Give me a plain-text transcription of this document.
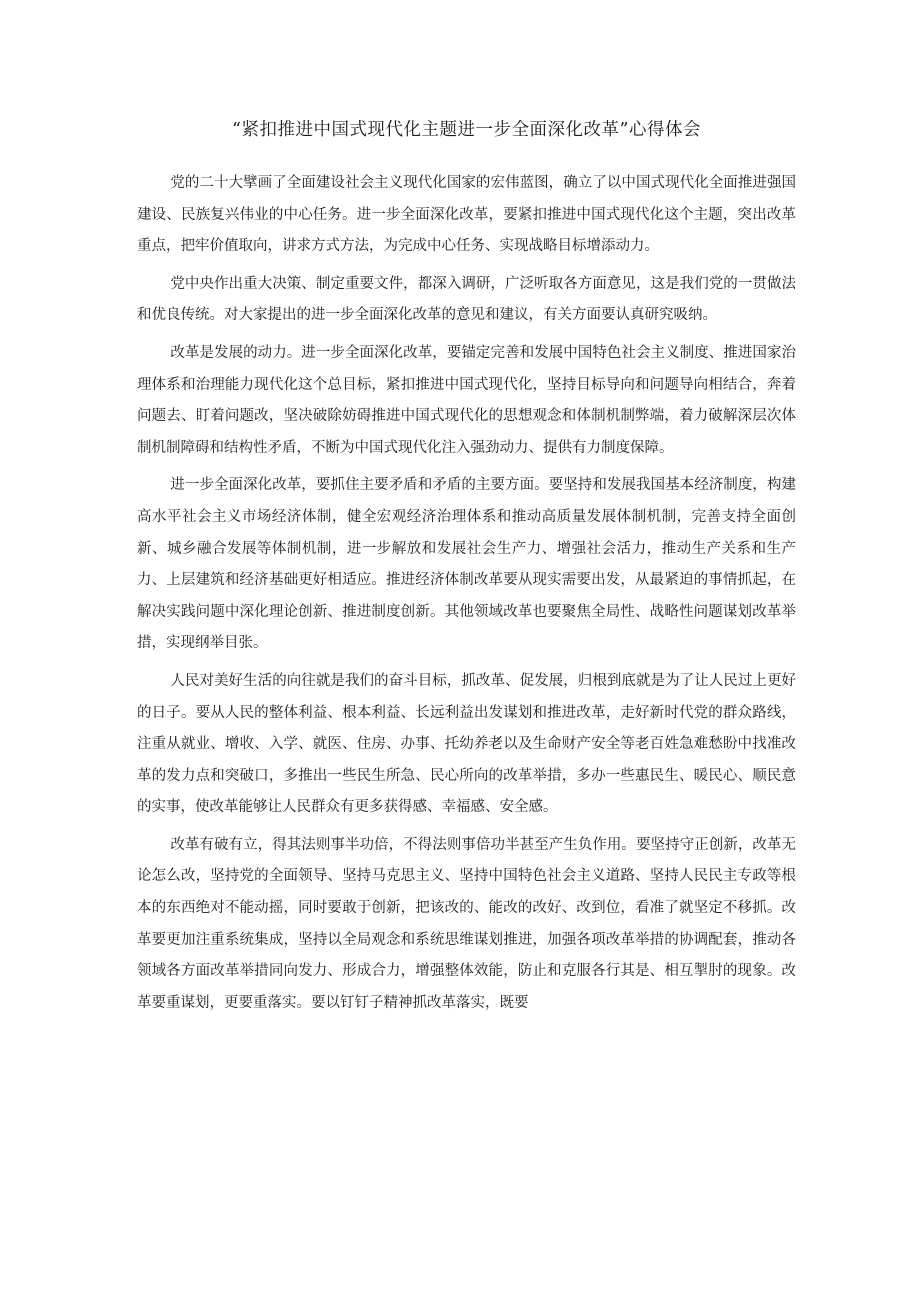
“紧扣推进中国式现代化主题进一步全面深化改革”心得体会

党的二十大擘画了全面建设社会主义现代化国家的宏伟蓝图，确立了以中国式现代化全面推进强国建设、民族复兴伟业的中心任务。进一步全面深化改革，要紧扣推进中国式现代化这个主题，突出改革重点，把牢价值取向，讲求方式方法，为完成中心任务、实现战略目标增添动力。

党中央作出重大决策、制定重要文件，都深入调研，广泛听取各方面意见，这是我们党的一贯做法和优良传统。对大家提出的进一步全面深化改革的意见和建议，有关方面要认真研究吸纳。

改革是发展的动力。进一步全面深化改革，要锚定完善和发展中国特色社会主义制度、推进国家治理体系和治理能力现代化这个总目标，紧扣推进中国式现代化，坚持目标导向和问题导向相结合，奔着问题去、盯着问题改，坚决破除妨碍推进中国式现代化的思想观念和体制机制弊端，着力破解深层次体制机制障碍和结构性矛盾，不断为中国式现代化注入强劲动力、提供有力制度保障。

进一步全面深化改革，要抓住主要矛盾和矛盾的主要方面。要坚持和发展我国基本经济制度，构建高水平社会主义市场经济体制，健全宏观经济治理体系和推动高质量发展体制机制，完善支持全面创新、城乡融合发展等体制机制，进一步解放和发展社会生产力、增强社会活力，推动生产关系和生产力、上层建筑和经济基础更好相适应。推进经济体制改革要从现实需要出发，从最紧迫的事情抓起，在解决实践问题中深化理论创新、推进制度创新。其他领域改革也要聚焦全局性、战略性问题谋划改革举措，实现纲举目张。

人民对美好生活的向往就是我们的奋斗目标，抓改革、促发展，归根到底就是为了让人民过上更好的日子。要从人民的整体利益、根本利益、长远利益出发谋划和推进改革，走好新时代党的群众路线，注重从就业、增收、入学、就医、住房、办事、托幼养老以及生命财产安全等老百姓急难愁盼中找准改革的发力点和突破口，多推出一些民生所急、民心所向的改革举措，多办一些惠民生、暖民心、顺民意的实事，使改革能够让人民群众有更多获得感、幸福感、安全感。

改革有破有立，得其法则事半功倍，不得法则事倍功半甚至产生负作用。要坚持守正创新，改革无论怎么改，坚持党的全面领导、坚持马克思主义、坚持中国特色社会主义道路、坚持人民民主专政等根本的东西绝对不能动摇，同时要敢于创新，把该改的、能改的改好、改到位，看准了就坚定不移抓。改革要更加注重系统集成，坚持以全局观念和系统思维谋划推进，加强各项改革举措的协调配套，推动各领域各方面改革举措同向发力、形成合力，增强整体效能，防止和克服各行其是、相互掣肘的现象。改革要重谋划，更要重落实。要以钉钉子精神抓改革落实，既要
